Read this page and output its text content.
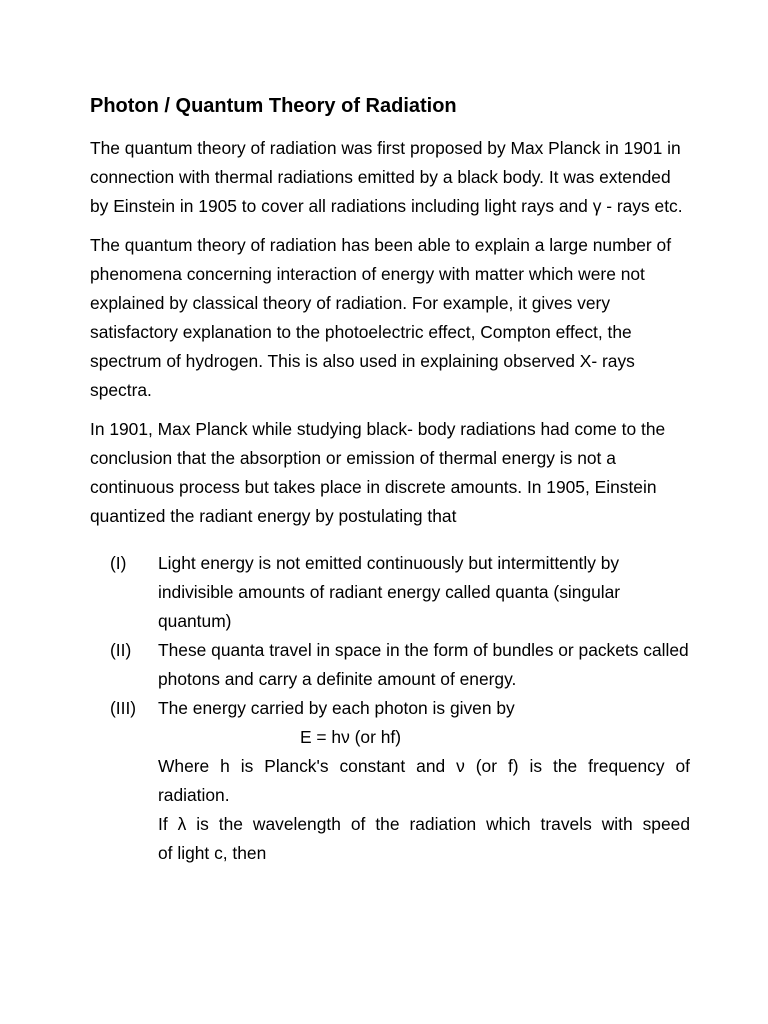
Photon / Quantum Theory of Radiation

The quantum theory of radiation was first proposed by Max Planck in 1901 in connection with thermal radiations emitted by a black body. It was extended by Einstein in 1905 to cover all radiations including light rays and γ - rays etc.

The quantum theory of radiation has been able to explain a large number of phenomena concerning interaction of energy with matter which were not explained by classical theory of radiation. For example, it gives very satisfactory explanation to the photoelectric effect, Compton effect, the spectrum of hydrogen. This is also used in explaining observed X- rays spectra.

In 1901, Max Planck while studying black- body radiations had come to the conclusion that the absorption or emission of thermal energy is not a continuous process but takes place in discrete amounts. In 1905, Einstein quantized the radiant energy by postulating that

(I)	Light energy is not emitted continuously but intermittently by indivisible amounts of radiant energy called quanta (singular quantum)
(II)	These quanta travel in space in the form of bundles or packets called photons and carry a definite amount of energy.
(III)	The energy carried by each photon is given by
E = hν (or hf)
Where h is Planck's constant and ν (or f) is the frequency of
radiation.
If λ is the wavelength of the radiation which travels with speed
of light c, then
